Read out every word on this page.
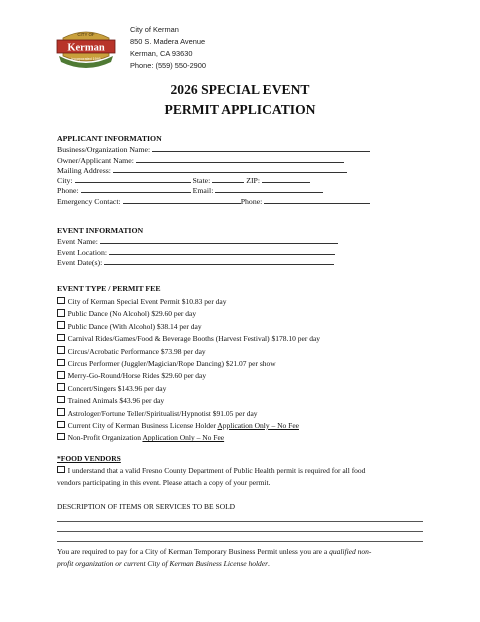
CITY OF
Kerman
Incorporated 1946
City of Kerman
850 S. Madera Avenue
Kerman, CA 93630
Phone: (559) 550-2900
2026 SPECIAL EVENT
PERMIT APPLICATION
APPLICANT INFORMATION
Business/Organization Name:
Owner/Applicant Name:
Mailing Address:
City:	State:	ZIP:
Phone:	Email:
Emergency Contact:	Phone:
EVENT INFORMATION
Event Name:
Event Location:
Event Date(s):
EVENT TYPE / PERMIT FEE
City of Kerman Special Event Permit $10.83 per day
Public Dance (No Alcohol) $29.60 per day
Public Dance (With Alcohol) $38.14 per day
Carnival Rides/Games/Food & Beverage Booths (Harvest Festival) $178.10 per day
Circus/Acrobatic Performance $73.98 per day
Circus Performer (Juggler/Magician/Rope Dancing) $21.07 per show
Merry-Go-Round/Horse Rides $29.60 per day
Concert/Singers $143.96 per day
Trained Animals $43.96 per day
Astrologer/Fortune Teller/Spiritualist/Hypnotist $91.05 per day
Current City of Kerman Business License Holder Application Only – No Fee
Non-Profit Organization Application Only – No Fee
*FOOD VENDORS
I understand that a valid Fresno County Department of Public Health permit is required for all food
vendors participating in this event. Please attach a copy of your permit.
DESCRIPTION OF ITEMS OR SERVICES TO BE SOLD
You are required to pay for a City of Kerman Temporary Business Permit unless you are a qualified non-
profit organization or current City of Kerman Business License holder.
